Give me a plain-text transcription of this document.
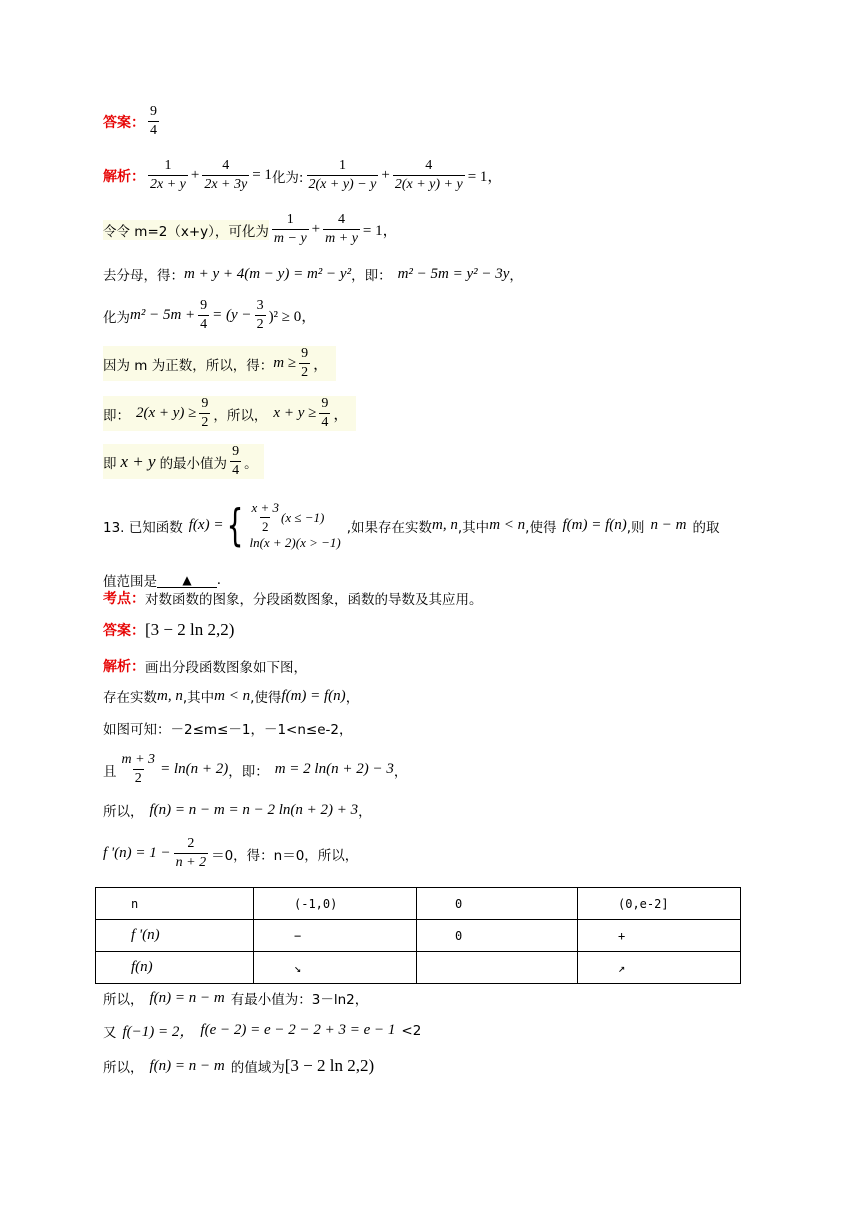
答案： $\frac{9}{4}$
解析： $\frac{1}{2x + y} + \frac{4}{2x + 3y} = 1$ 化为: $\frac{1}{2(x + y) - y} + \frac{4}{2(x + y) + y} = 1$，
令令 m=2（x+y），可化为 $\frac{1}{m - y} + \frac{4}{m + y} = 1$，
去分母，得： m + y + 4(m − y) = m² − y² ，即： m² − 5m = y² − 3y ，
化为 $m^2 - 5m + \frac{9}{4} = (y - \frac{3}{2} )^2 \ge 0$，
因为 m 为正数，所以，得： $m \ge \frac{9}{2}$ ，
即： $2(x + y) \ge \frac{9}{2}$ ，所以， $x + y \ge \frac{9}{4}$ ，
即 x + y 的最小值为 $\frac{9}{4}$ 。
13. 已知函数 f(x) = { $\frac{x + 3}{2} (x \le -1)$
ln(x + 2)(x > −1)
,如果存在实数 m, n ,其中 m < n ,使得 f(m) = f(n) ,则 n − m 的取
值范围是	▲	.
考点： 对数函数的图象，分段函数图象，函数的导数及其应用。
答案： [3 − 2 ln 2,2)
解析： 画出分段函数图象如下图，
存在实数 m, n ,其中 m < n ,使得 f(m) = f(n) ，
如图可知：－2≤m≤－1，－1<n≤e-2，
且 $\frac{m + 3}{2} = \ln(n + 2)$ ，即： m = 2 ln(n + 2) − 3 ，
所以， f(n) = n − m = n − 2 ln(n + 2) + 3 ，
f '$(n) = 1 - \frac{2}{n + 2} =0$，得：n＝0，所以，
n	(-1,0)	0	(0,e-2]
f '(n)	−	0	+
f(n)	↘		↗
所以， f(n) = n − m 有最小值为：3－ln2，
又 f(−1) = 2， f(e − 2) = e − 2 − 2 + 3 = e − 1 <2
所以， f(n) = n − m 的值域为 [3 − 2 ln 2,2)
